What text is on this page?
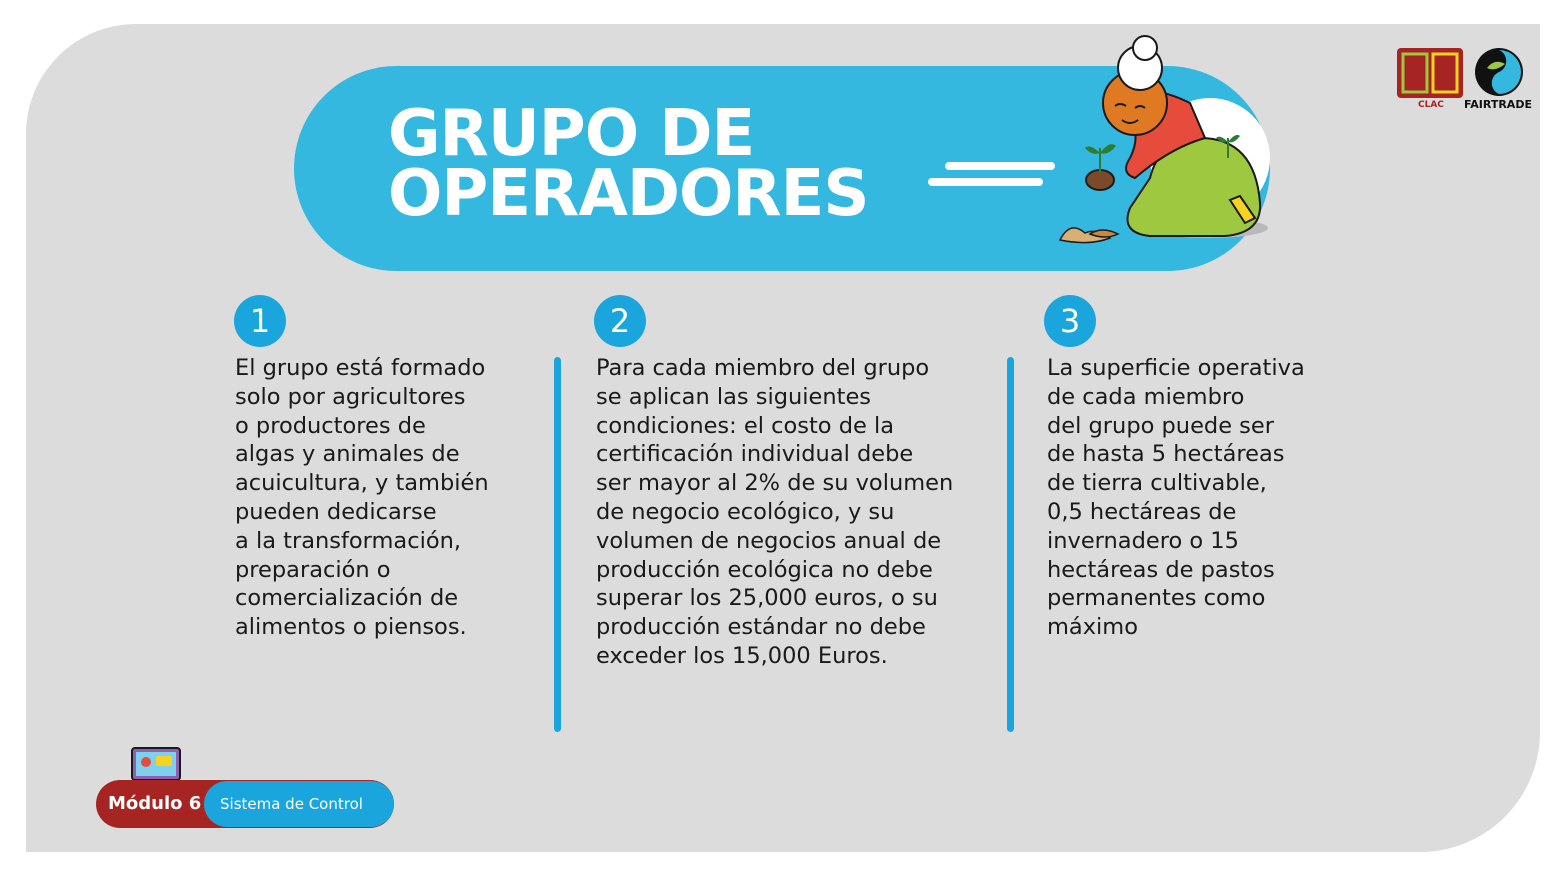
GRUPO DE
OPERADORES
CLAC FAIRTRADE
1

El grupo está formado
solo por agricultores
o productores de
algas y animales de
acuicultura, y también
pueden dedicarse
a la transformación,
preparación o
comercialización de
alimentos o piensos.

2

Para cada miembro del grupo
se aplican las siguientes
condiciones: el costo de la
certificación individual debe
ser mayor al 2% de su volumen
de negocio ecológico, y su
volumen de negocios anual de
producción ecológica no debe
superar los 25,000 euros, o su
producción estándar no debe
exceder los 15,000 Euros.

3

La superficie operativa
de cada miembro
del grupo puede ser
de hasta 5 hectáreas
de tierra cultivable,
0,5 hectáreas de
invernadero o 15
hectáreas de pastos
permanentes como
máximo

Módulo 6 Sistema de Control
